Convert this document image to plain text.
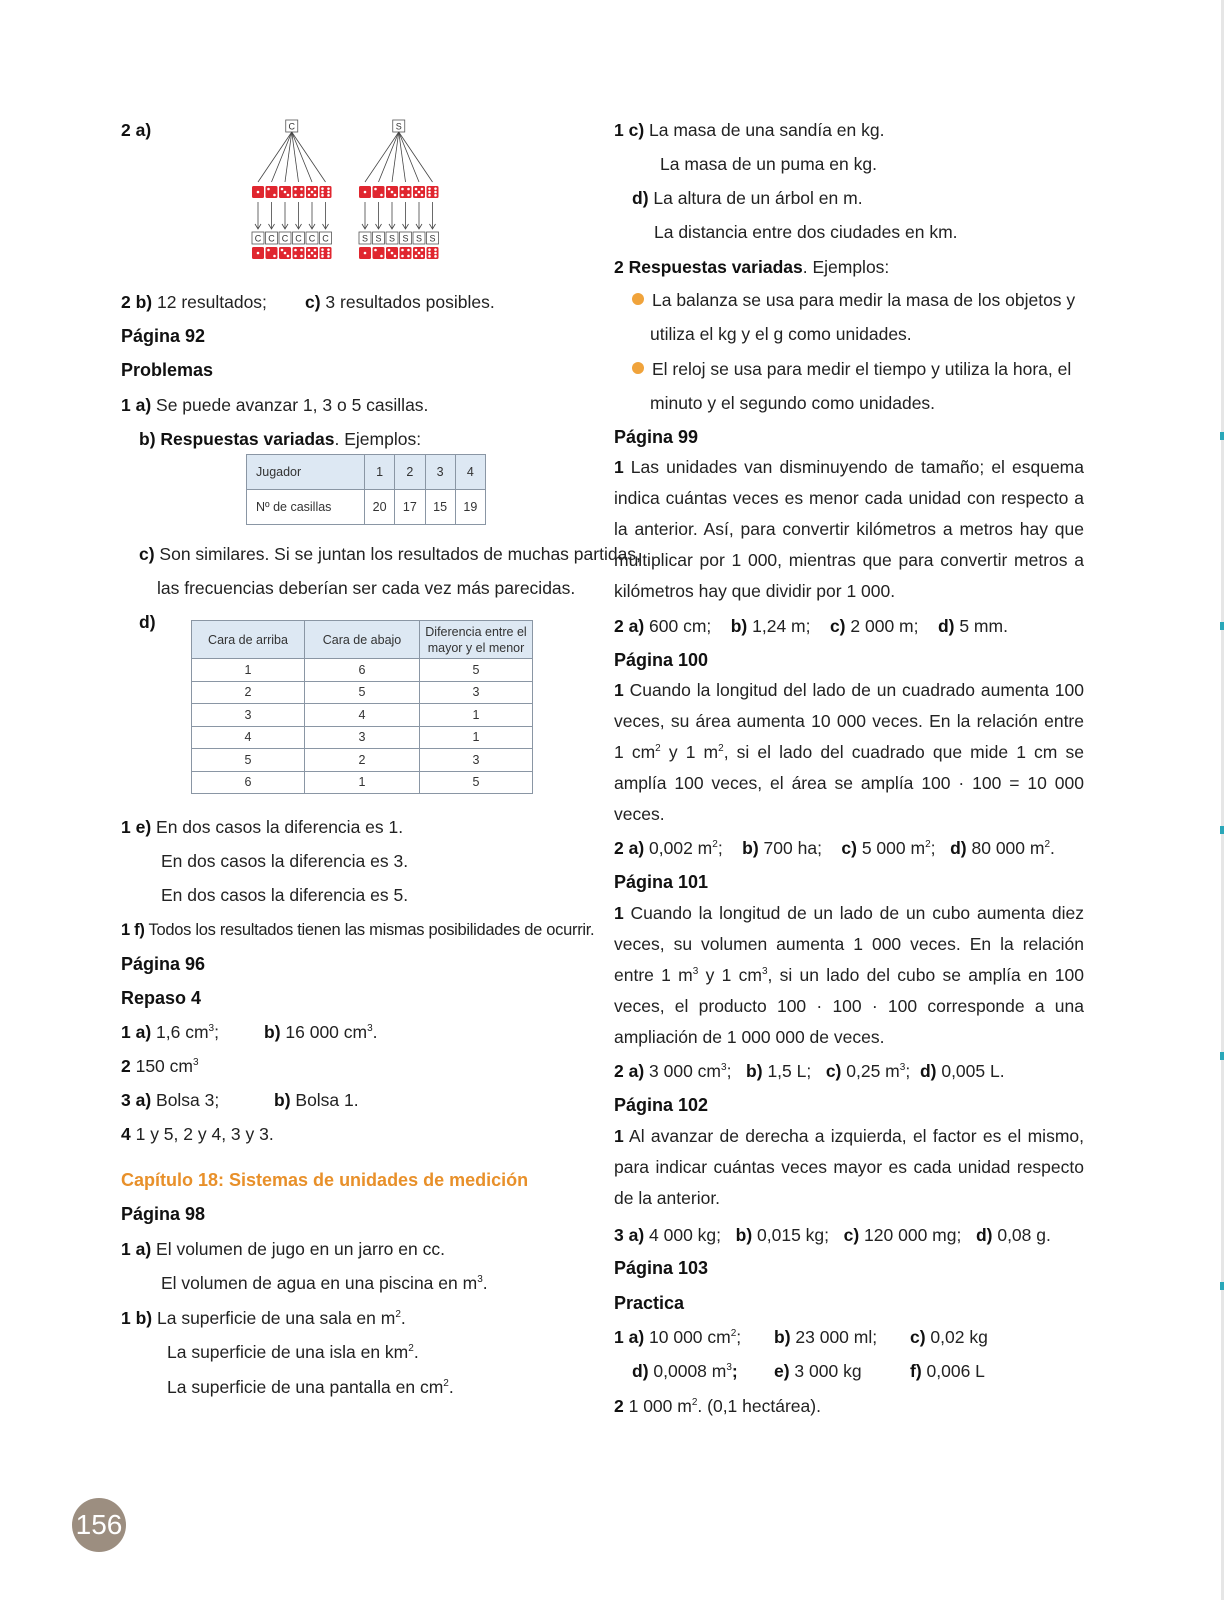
2 a)	C
C C C C C C
S
S S S S S S
2 b) 12 resultados; c) 3 resultados posibles.
Página 92
Problemas
1 a) Se puede avanzar 1, 3 o 5 casillas.
b) Respuestas variadas. Ejemplos:
Jugador	1	2	3	4
Nº de casillas	20	17	15	19
c) Son similares. Si se juntan los resultados de muchas partidas,
las frecuencias deberían ser cada vez más parecidas.
d)
Cara de arriba	Cara de abajo	Diferencia entre el
mayor y el menor

1	6	5
2	5	3
3	4	1
4	3	1
5	2	3
6	1	5
1 e) En dos casos la diferencia es 1.
En dos casos la diferencia es 3.
En dos casos la diferencia es 5.
1 f) Todos los resultados tienen las mismas posibilidades de ocurrir.
Página 96
Repaso 4
1 a) 1,6 $cm^3$;	b) 16 000 $cm^3$.
2 150 $cm^3$
3 a) Bolsa 3;	b) Bolsa 1.
4 1 y 5, 2 y 4, 3 y 3.
Capítulo 18: Sistemas de unidades de medición
Página 98
1 a) El volumen de jugo en un jarro en cc.
El volumen de agua en una piscina en $m^3$.
1 b) La superficie de una sala en $m^2$.
La superficie de una isla en $km^2$.
La superficie de una pantalla en $cm^2$.
1 c) La masa de una sandía en kg.
La masa de un puma en kg.
d) La altura de un árbol en m.
La distancia entre dos ciudades en km.
2 Respuestas variadas. Ejemplos:
La balanza se usa para medir la masa de los objetos y
utiliza el kg y el g como unidades.
El reloj se usa para medir el tiempo y utiliza la hora, el
minuto y el segundo como unidades.
Página 99
1 Las unidades van disminuyendo de tamaño; el esquema indica cuántas veces es menor cada unidad con respecto a la anterior. Así, para convertir kilómetros a metros hay que multiplicar por 1 000, mientras que para convertir metros a kilómetros hay que dividir por 1 000.
2 a) 600 cm; b) 1,24 m; c) 2 000 m; d) 5 mm.
Página 100
1 Cuando la longitud del lado de un cuadrado aumenta 100 veces, su área aumenta 10 000 veces. En la relación entre 1 $cm^2$ y 1 $m^2$, si el lado del cuadrado que mide 1 cm se amplía 100 veces, el área se amplía 100 · 100 = 10 000 veces.
2 a) 0,002 $m^2$; b) 700 ha; c) 5 000 $m^2$; d) 80 000 $m^2$.
Página 101
1 Cuando la longitud de un lado de un cubo aumenta diez veces, su volumen aumenta 1 000 veces. En la relación entre 1 $m^3$ y 1 $cm^3$, si un lado del cubo se amplía en 100 veces, el producto 100 · 100 · 100 corresponde a una ampliación de 1 000 000 de veces.
2 a) 3 000 $cm^3$; b) 1,5 L; c) 0,25 $m^3$; d) 0,005 L.
Página 102
1 Al avanzar de derecha a izquierda, el factor es el mismo, para indicar cuántas veces mayor es cada unidad respecto de la anterior.
3 a) 4 000 kg; b) 0,015 kg; c) 120 000 mg; d) 0,08 g.
Página 103
Practica
1 a) 10 000 $cm^2$; b) 23 000 ml; c) 0,02 kg
d) 0,0008 $m^3$; e) 3 000 kg	f) 0,006 L
2 1 000 $m^2$. (0,1 hectárea).
156
